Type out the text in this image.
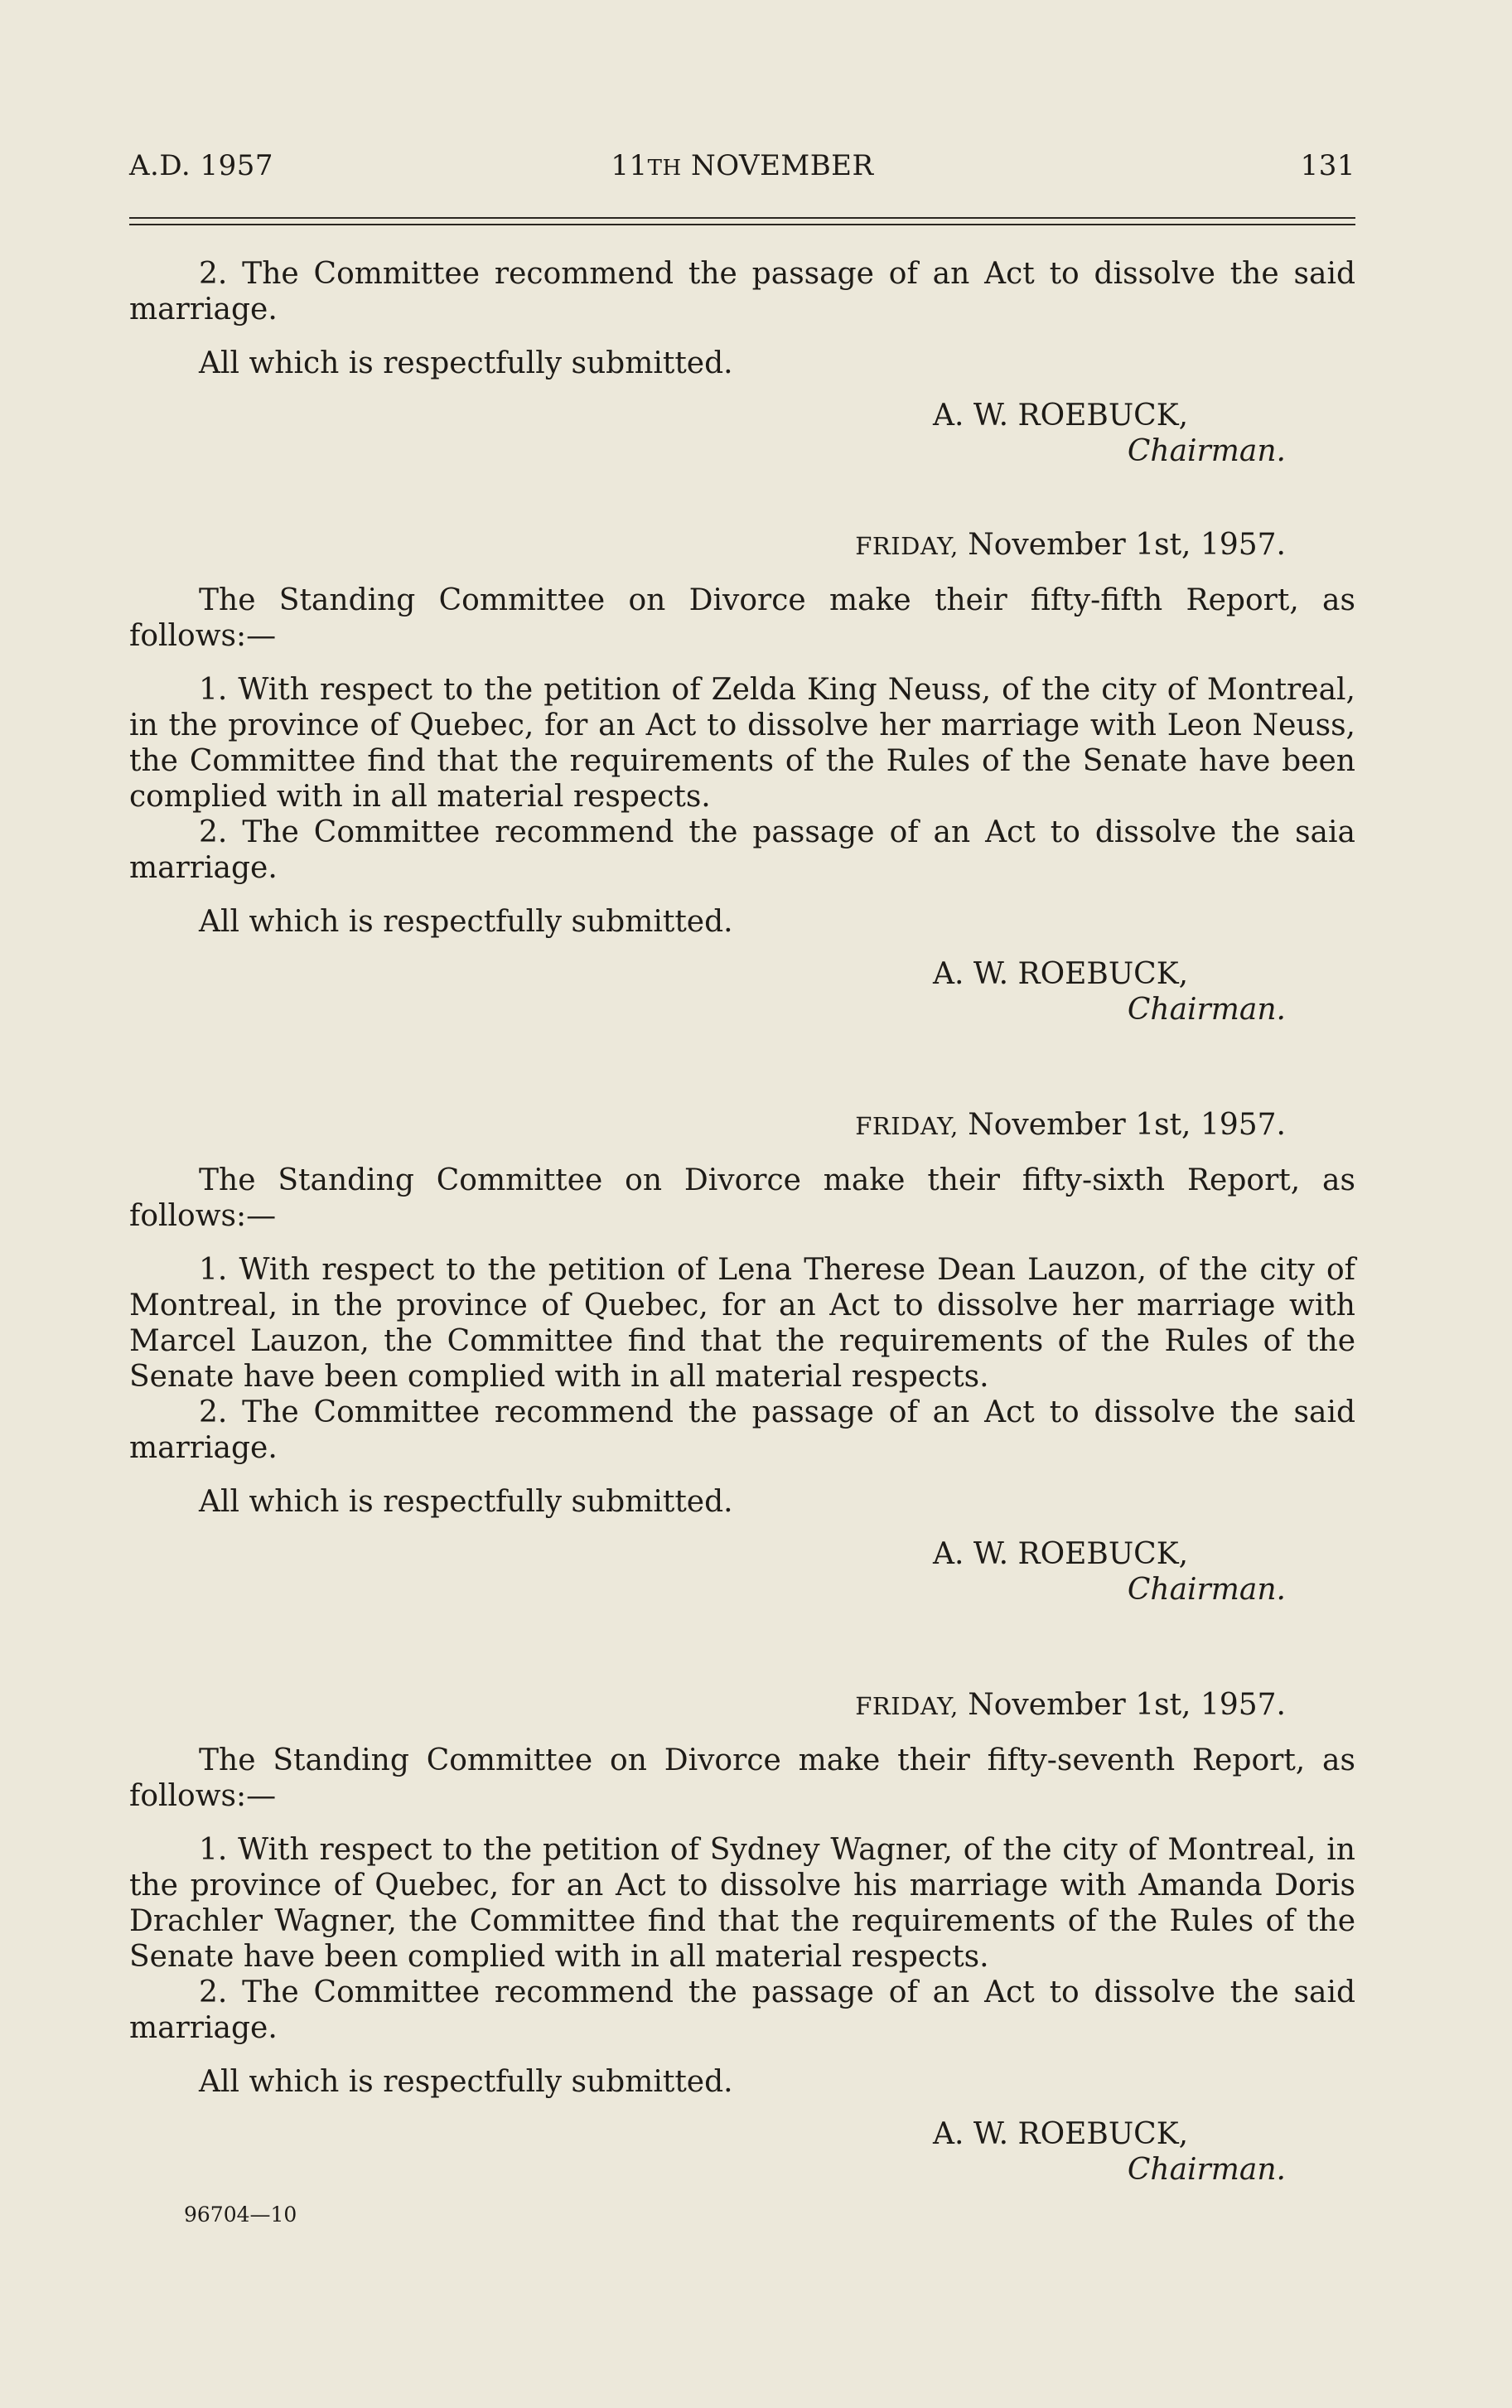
A.D. 1957	11TH NOVEMBER	131

2. The Committee recommend the passage of an Act to dissolve the said marriage.

All which is respectfully submitted.

A. W. ROEBUCK,
Chairman.
FRIDAY, November 1st, 1957.

The Standing Committee on Divorce make their fifty-fifth Report, as follows:—

1. With respect to the petition of Zelda King Neuss, of the city of Montreal, in the province of Quebec, for an Act to dissolve her marriage with Leon Neuss, the Committee find that the requirements of the Rules of the Senate have been complied with in all material respects.

2. The Committee recommend the passage of an Act to dissolve the saia marriage.

All which is respectfully submitted.

A. W. ROEBUCK,
Chairman.
FRIDAY, November 1st, 1957.

The Standing Committee on Divorce make their fifty-sixth Report, as follows:—

1. With respect to the petition of Lena Therese Dean Lauzon, of the city of Montreal, in the province of Quebec, for an Act to dissolve her marriage with Marcel Lauzon, the Committee find that the requirements of the Rules of the Senate have been complied with in all material respects.

2. The Committee recommend the passage of an Act to dissolve the said marriage.

All which is respectfully submitted.

A. W. ROEBUCK,
Chairman.
FRIDAY, November 1st, 1957.

The Standing Committee on Divorce make their fifty-seventh Report, as follows:—

1. With respect to the petition of Sydney Wagner, of the city of Montreal, in the province of Quebec, for an Act to dissolve his marriage with Amanda Doris Drachler Wagner, the Committee find that the requirements of the Rules of the Senate have been complied with in all material respects.

2. The Committee recommend the passage of an Act to dissolve the said marriage.

All which is respectfully submitted.

A. W. ROEBUCK,
Chairman.
96704—10
